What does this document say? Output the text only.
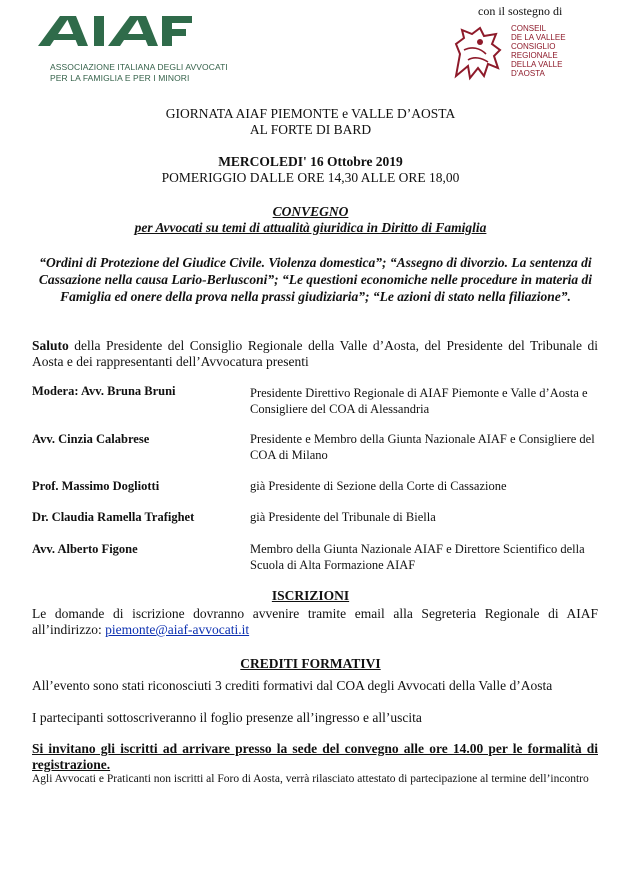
AIAF
ASSOCIAZIONE ITALIANA DEGLI AVVOCATI
PER LA FAMIGLIA E PER I MINORI
con il sostegno di
CONSEIL
DE LA VALLEE
CONSIGLIO
REGIONALE
DELLA VALLE
D'AOSTA
GIORNATA AIAF PIEMONTE e VALLE D’AOSTA
AL FORTE DI BARD
MERCOLEDI' 16 Ottobre 2019
POMERIGGIO DALLE ORE 14,30 ALLE ORE 18,00
CONVEGNO
per Avvocati su temi di attualità giuridica in Diritto di Famiglia
“Ordini di Protezione del Giudice Civile. Violenza domestica”; “Assegno di divorzio. La sentenza di Cassazione nella causa Lario-Berlusconi”; “Le questioni economiche nelle procedure in materia di Famiglia ed onere della prova nella prassi giudiziaria”; “Le azioni di stato nella filiazione”.
Saluto della Presidente del Consiglio Regionale della Valle d’Aosta, del Presidente del Tribunale di Aosta e dei rappresentanti dell’Avvocatura presenti
Modera: Avv. Bruna Bruni	Presidente Direttivo Regionale di AIAF Piemonte e Valle d’Aosta e Consigliere del COA di Alessandria
Avv. Cinzia Calabrese	Presidente e Membro della Giunta Nazionale AIAF e Consigliere del COA di Milano
Prof. Massimo Dogliotti	già Presidente di Sezione della Corte di Cassazione
Dr. Claudia Ramella Trafighet	già Presidente del Tribunale di Biella
Avv. Alberto Figone	Membro della Giunta Nazionale AIAF e Direttore Scientifico della Scuola di Alta Formazione AIAF
ISCRIZIONI
Le domande di iscrizione dovranno avvenire tramite email alla Segreteria Regionale di AIAF all’indirizzo: piemonte@aiaf-avvocati.it
CREDITI FORMATIVI
All’evento sono stati riconosciuti 3 crediti formativi dal COA degli Avvocati della Valle d’Aosta
I partecipanti sottoscriveranno il foglio presenze all’ingresso e all’uscita
Si invitano gli iscritti ad arrivare presso la sede del convegno alle ore 14.00 per le formalità di registrazione.
Agli Avvocati e Praticanti non iscritti al Foro di Aosta, verrà rilasciato attestato di partecipazione al termine dell’incontro
